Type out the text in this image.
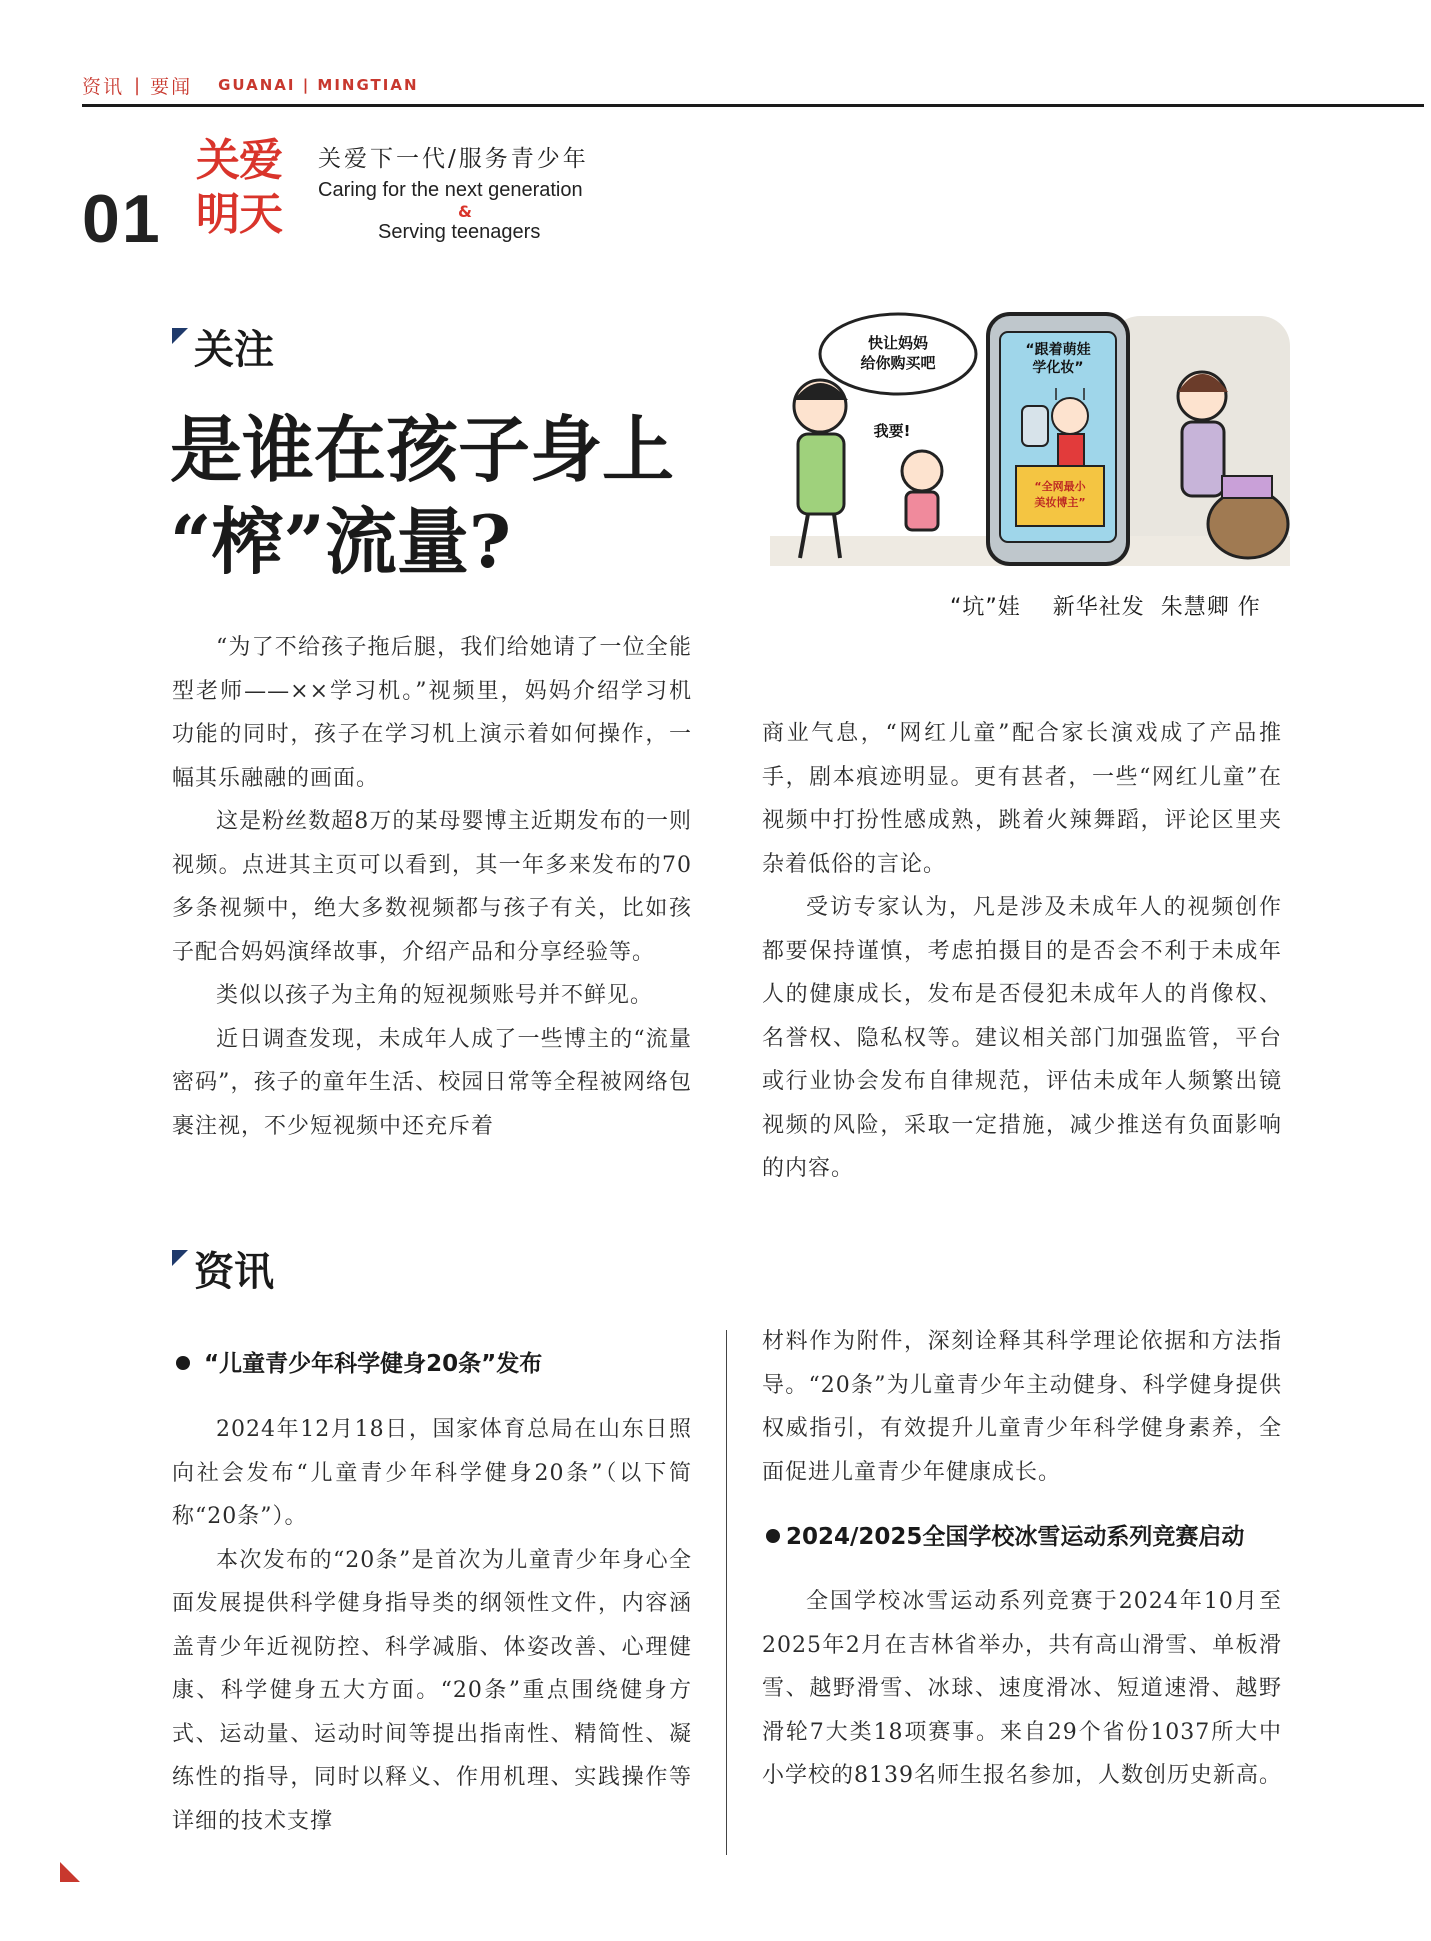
资讯 | 要闻 GUANAI | MINGTIAN
01
关爱
明天
关爱下一代/服务青少年
Caring for the next generation
&
Serving teenagers
关注
是谁在孩子身上
“榨”流量?
“跟着萌娃
学化妆”
“全网最小
美妆博主”
快让妈妈
给你购买吧
我要!
“坑”娃    新华社发  朱慧卿 作

“为了不给孩子拖后腿，我们给她请了一位全能型老师——××学习机。”视频里，妈妈介绍学习机功能的同时，孩子在学习机上演示着如何操作，一幅其乐融融的画面。

这是粉丝数超8万的某母婴博主近期发布的一则视频。点进其主页可以看到，其一年多来发布的70多条视频中，绝大多数视频都与孩子有关，比如孩子配合妈妈演绎故事，介绍产品和分享经验等。

类似以孩子为主角的短视频账号并不鲜见。

近日调查发现，未成年人成了一些博主的“流量密码”，孩子的童年生活、校园日常等全程被网络包裹注视，不少短视频中还充斥着

商业气息，“网红儿童”配合家长演戏成了产品推手，剧本痕迹明显。更有甚者，一些“网红儿童”在视频中打扮性感成熟，跳着火辣舞蹈，评论区里夹杂着低俗的言论。

受访专家认为，凡是涉及未成年人的视频创作都要保持谨慎，考虑拍摄目的是否会不利于未成年人的健康成长，发布是否侵犯未成年人的肖像权、名誉权、隐私权等。建议相关部门加强监管，平台或行业协会发布自律规范，评估未成年人频繁出镜视频的风险，采取一定措施，减少推送有负面影响的内容。

资讯
“儿童青少年科学健身20条”发布

2024年12月18日，国家体育总局在山东日照向社会发布“儿童青少年科学健身20条”（以下简称“20条”）。

本次发布的“20条”是首次为儿童青少年身心全面发展提供科学健身指导类的纲领性文件，内容涵盖青少年近视防控、科学减脂、体姿改善、心理健康、科学健身五大方面。“20条”重点围绕健身方式、运动量、运动时间等提出指南性、精简性、凝练性的指导，同时以释义、作用机理、实践操作等详细的技术支撑

材料作为附件，深刻诠释其科学理论依据和方法指导。“20条”为儿童青少年主动健身、科学健身提供权威指引，有效提升儿童青少年科学健身素养，全面促进儿童青少年健康成长。

2024/2025全国学校冰雪运动系列竞赛启动

全国学校冰雪运动系列竞赛于2024年10月至2025年2月在吉林省举办，共有高山滑雪、单板滑雪、越野滑雪、冰球、速度滑冰、短道速滑、越野滑轮7大类18项赛事。来自29个省份1037所大中小学校的8139名师生报名参加，人数创历史新高。
